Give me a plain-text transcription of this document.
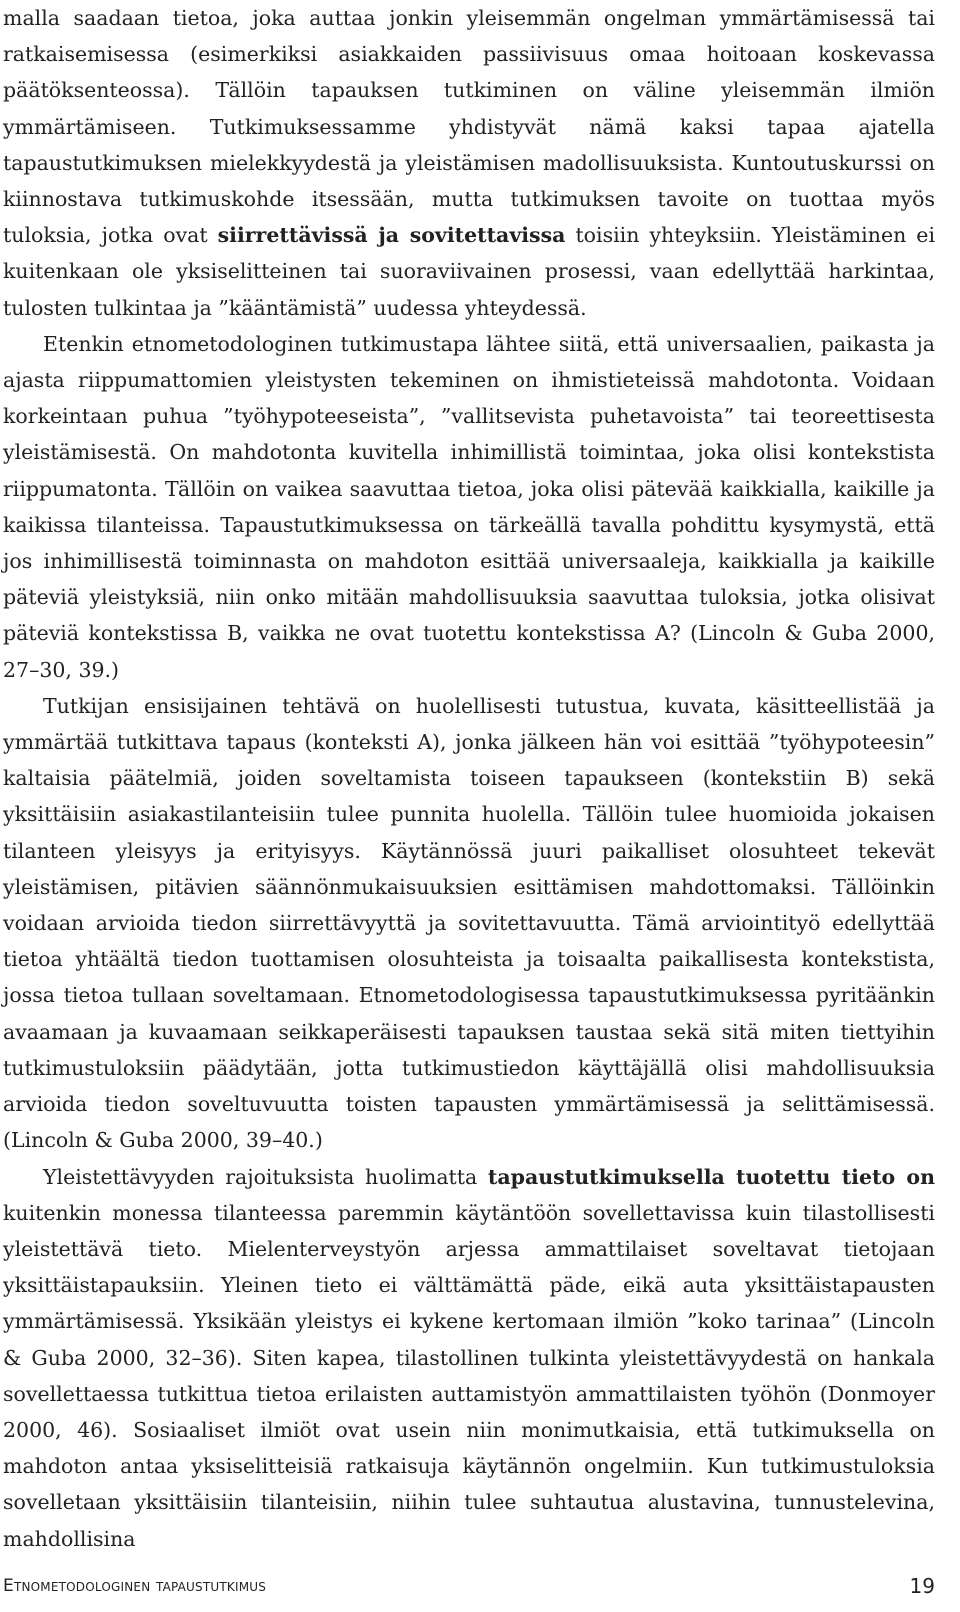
malla saadaan tietoa, joka auttaa jonkin yleisemmän ongelman ymmärtämisessä tai ratkaisemisessa (esimerkiksi asiakkaiden passiivisuus omaa hoitoaan koskevassa päätöksenteossa). Tällöin tapauksen tutkiminen on väline yleisemmän ilmiön ymmärtämiseen. Tutkimuksessamme yhdistyvät nämä kaksi tapaa ajatella tapaustutkimuksen mielekkyydestä ja yleistämisen madollisuuksista. Kuntoutuskurssi on kiinnostava tutkimuskohde itsessään, mutta tutkimuksen tavoite on tuottaa myös tuloksia, jotka ovat siirrettävissä ja sovitettavissa toisiin yhteyksiin. Yleistäminen ei kuitenkaan ole yksiselitteinen tai suoraviivainen prosessi, vaan edellyttää harkintaa, tulosten tulkintaa ja ”kääntämistä” uudessa yhteydessä.

Etenkin etnometodologinen tutkimustapa lähtee siitä, että universaalien, paikasta ja ajasta riippumattomien yleistysten tekeminen on ihmistieteissä mahdotonta. Voidaan korkeintaan puhua ”työhypoteeseista”, ”vallitsevista puhetavoista” tai teoreettisesta yleistämisestä. On mahdotonta kuvitella inhimillistä toimintaa, joka olisi kontekstista riippumatonta. Tällöin on vaikea saavuttaa tietoa, joka olisi pätevää kaikkialla, kaikille ja kaikissa tilanteissa. Tapaustutkimuksessa on tärkeällä tavalla pohdittu kysymystä, että jos inhimillisestä toiminnasta on mahdoton esittää universaaleja, kaikkialla ja kaikille päteviä yleistyksiä, niin onko mitään mahdollisuuksia saavuttaa tuloksia, jotka olisivat päteviä kontekstissa B, vaikka ne ovat tuotettu kontekstissa A? (Lincoln & Guba 2000, 27–30, 39.)

Tutkijan ensisijainen tehtävä on huolellisesti tutustua, kuvata, käsitteellistää ja ymmärtää tutkittava tapaus (konteksti A), jonka jälkeen hän voi esittää ”työhypoteesin” kaltaisia päätelmiä, joiden soveltamista toiseen tapaukseen (kontekstiin B) sekä yksittäisiin asiakastilanteisiin tulee punnita huolella. Tällöin tulee huomioida jokaisen tilanteen yleisyys ja erityisyys. Käytännössä juuri paikalliset olosuhteet tekevät yleistämisen, pitävien säännönmukaisuuksien esittämisen mahdottomaksi. Tällöinkin voidaan arvioida tiedon siirrettävyyttä ja sovitettavuutta. Tämä arviointityö edellyttää tietoa yhtäältä tiedon tuottamisen olosuhteista ja toisaalta paikallisesta kontekstista, jossa tietoa tullaan soveltamaan. Etnometodologisessa tapaustutkimuksessa pyritäänkin avaamaan ja kuvaamaan seikkaperäisesti tapauksen taustaa sekä sitä miten tiettyihin tutkimustuloksiin päädytään, jotta tutkimustiedon käyttäjällä olisi mahdollisuuksia arvioida tiedon soveltuvuutta toisten tapausten ymmärtämisessä ja selittämisessä. (Lincoln & Guba 2000, 39–40.)

Yleistettävyyden rajoituksista huolimatta tapaustutkimuksella tuotettu tieto on kuitenkin monessa tilanteessa paremmin käytäntöön sovellettavissa kuin tilastollisesti yleistettävä tieto. Mielenterveystyön arjessa ammattilaiset soveltavat tietojaan yksittäistapauksiin. Yleinen tieto ei välttämättä päde, eikä auta yksittäistapausten ymmärtämisessä. Yksikään yleistys ei kykene kertomaan ilmiön ”koko tarinaa” (Lincoln & Guba 2000, 32–36). Siten kapea, tilastollinen tulkinta yleistettävyydestä on hankala sovellettaessa tutkittua tietoa erilaisten auttamistyön ammattilaisten työhön (Donmoyer 2000, 46). Sosiaaliset ilmiöt ovat usein niin monimutkaisia, että tutkimuksella on mahdoton antaa yksiselitteisiä ratkaisuja käytännön ongelmiin. Kun tutkimustuloksia sovelletaan yksittäisiin tilanteisiin, niihin tulee suhtautua alustavina, tunnustelevina, mahdollisina

Etnometodologinen tapaustutkimus	19
